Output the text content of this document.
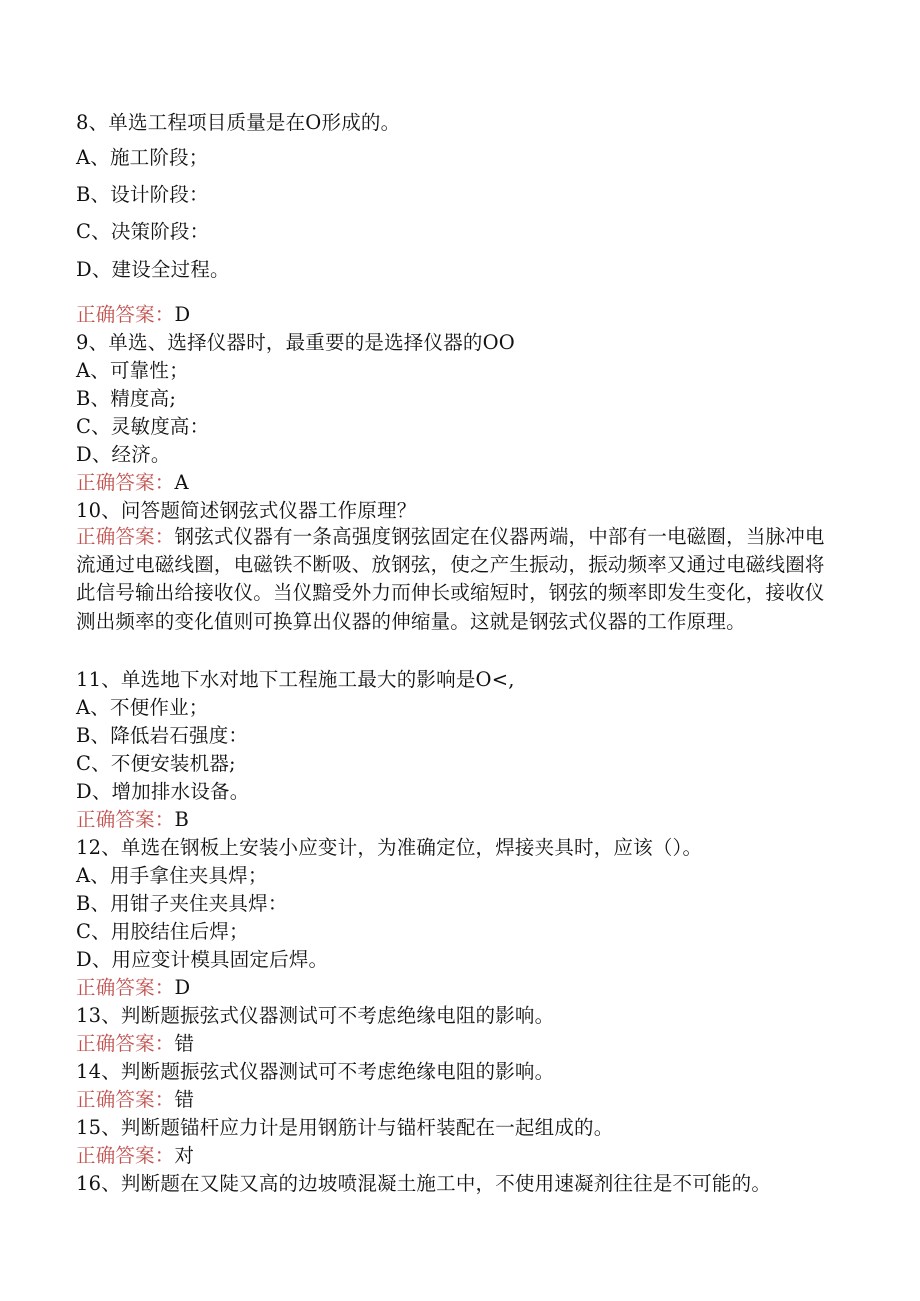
8、单选工程项目质量是在O形成的。
A、施工阶段；
B、设计阶段：
C、决策阶段：
D、建设全过程。
正确答案：D
9、单选、选择仪器时，最重要的是选择仪器的OO
A、可靠性；
B、精度高;
C、灵敏度高：
D、经济。
正确答案：A
10、问答题简述钢弦式仪器工作原理？
正确答案：钢弦式仪器有一条高强度钢弦固定在仪器两端，中部有一电磁圈，当脉冲电流通过电磁线圈，电磁铁不断吸、放钢弦，使之产生振动，振动频率又通过电磁线圈将此信号输出给接收仪。当仪黯受外力而伸长或缩短时，钢弦的频率即发生变化，接收仪测出频率的变化值则可换算出仪器的伸缩量。这就是钢弦式仪器的工作原理。
11、单选地下水对地下工程施工最大的影响是O<,
A、不便作业；
B、降低岩石强度：
C、不便安装机器;
D、增加排水设备。
正确答案：B
12、单选在钢板上安装小应变计，为准确定位，焊接夹具时，应该（）。
A、用手拿住夹具焊；
B、用钳子夹住夹具焊：
C、用胶结住后焊；
D、用应变计模具固定后焊。
正确答案：D
13、判断题振弦式仪器测试可不考虑绝缘电阻的影响。
正确答案：错
14、判断题振弦式仪器测试可不考虑绝缘电阻的影响。
正确答案：错
15、判断题锚杆应力计是用钢筋计与锚杆装配在一起组成的。
正确答案：对
16、判断题在又陡又高的边坡喷混凝土施工中，不使用速凝剂往往是不可能的。
